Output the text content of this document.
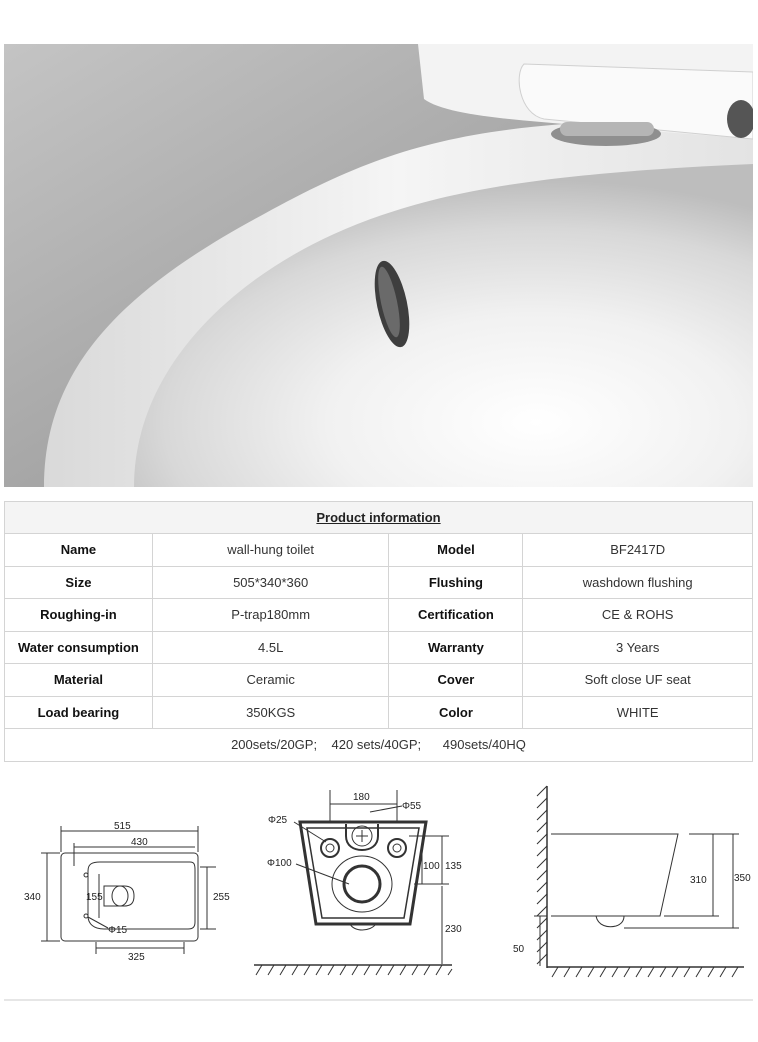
Product information			
Name	wall-hung toilet	Model	BF2417D
Size	505*340*360	Flushing	washdown flushing
Roughing-in	P-trap180mm	Certification	CE & ROHS
Water consumption	4.5L	Warranty	3 Years
Material	Ceramic	Cover	Soft close UF seat
Load bearing	350KGS	Color	WHITE
200sets/20GP;    420 sets/40GP;      490sets/40HQ			
515
430
340	255
155
Φ15
325
180
Φ55
Φ25
Φ100	100 135
230
310	350
50
